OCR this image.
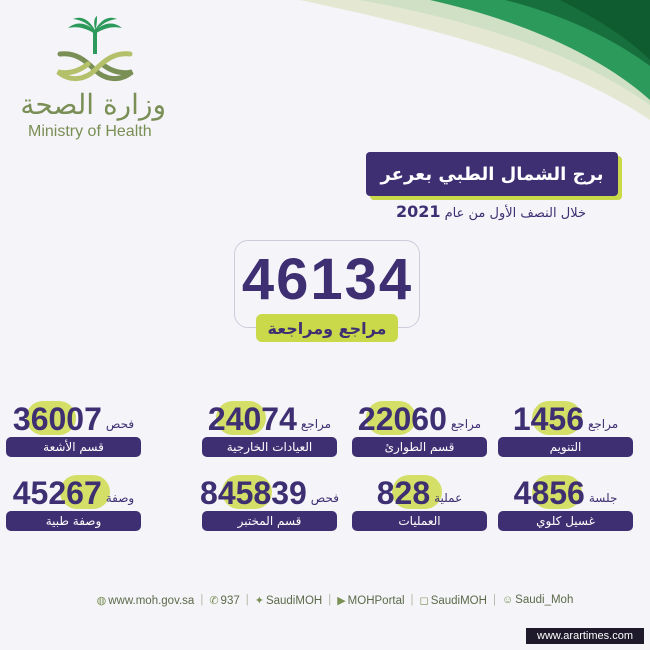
وزارة الصحة
Ministry of Health
برج الشمال الطبي بعرعر
خلال النصف الأول من عام 2021
46134
مراجع ومراجعة
1456 مراجع
التنويم
22060 مراجع
قسم الطوارئ
24074 مراجع
العيادات الخارجية
36007 فحص
قسم الأشعة
4856 جلسة
غسيل كلوي
828 عملية
العمليات
845839 فحص
قسم المختبر
45267 وصفة
وصفة طبية
◍ www.moh.gov.sa | ✆ 937 | ✦ SaudiMOH | ▶ MOHPortal | ◻ SaudiMOH | ☺ Saudi_Moh
www.arartimes.com
